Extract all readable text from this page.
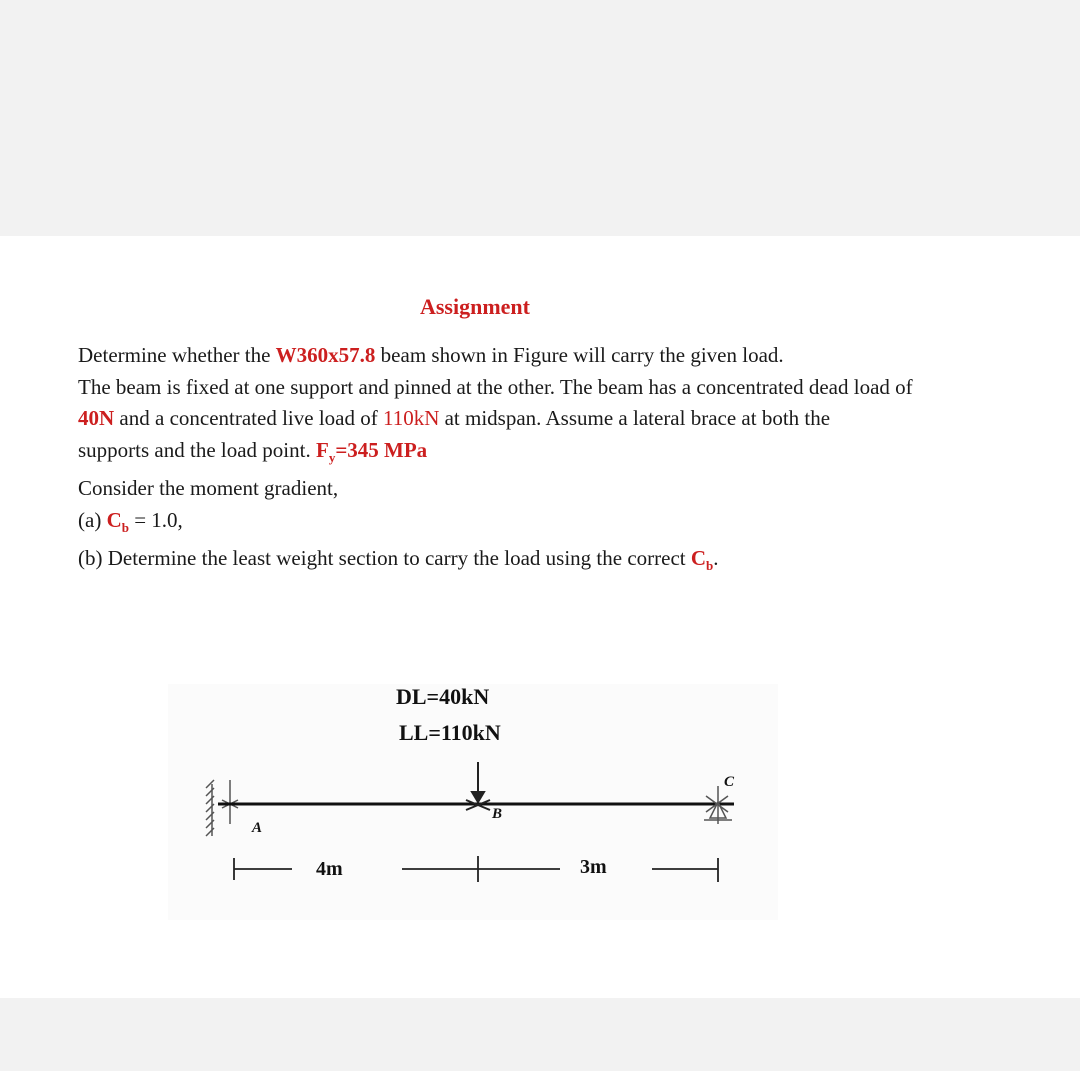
Assignment
Determine whether the W360x57.8 beam shown in Figure will carry the given load.
The beam is fixed at one support and pinned at the other. The beam has a concentrated dead load of
40N and a concentrated live load of 110kN at midspan. Assume a lateral brace at both the
supports and the load point. $F_y=345$ MPa
Consider the moment gradient,
(a) $C_b = 1.0$,
(b) Determine the least weight section to carry the load using the correct $C_b$.
DL=40kN
LL=110kN
A
B
C
4m	3m
